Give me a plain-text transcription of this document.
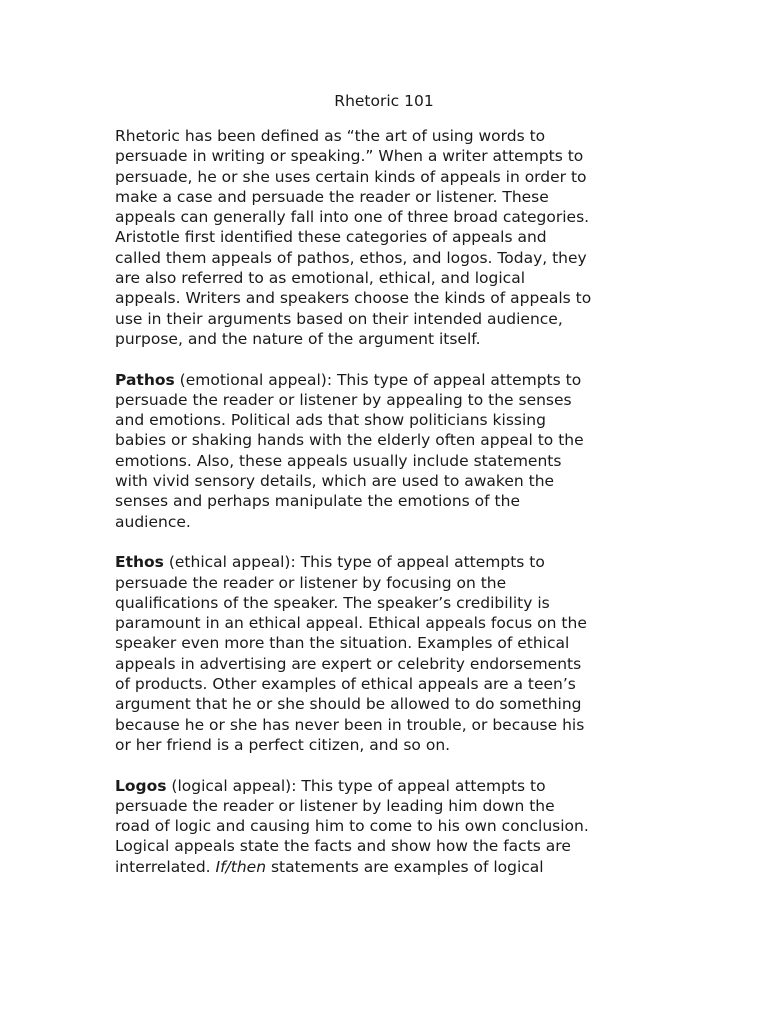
Rhetoric 101

Rhetoric has been defined as “the art of using words to
persuade in writing or speaking.” When a writer attempts to
persuade, he or she uses certain kinds of appeals in order to
make a case and persuade the reader or listener. These
appeals can generally fall into one of three broad categories.
Aristotle first identified these categories of appeals and
called them appeals of pathos, ethos, and logos. Today, they
are also referred to as emotional, ethical, and logical
appeals. Writers and speakers choose the kinds of appeals to
use in their arguments based on their intended audience,
purpose, and the nature of the argument itself.

Pathos (emotional appeal): This type of appeal attempts to
persuade the reader or listener by appealing to the senses
and emotions. Political ads that show politicians kissing
babies or shaking hands with the elderly often appeal to the
emotions. Also, these appeals usually include statements
with vivid sensory details, which are used to awaken the
senses and perhaps manipulate the emotions of the
audience.

Ethos (ethical appeal): This type of appeal attempts to
persuade the reader or listener by focusing on the
qualifications of the speaker. The speaker’s credibility is
paramount in an ethical appeal. Ethical appeals focus on the
speaker even more than the situation. Examples of ethical
appeals in advertising are expert or celebrity endorsements
of products. Other examples of ethical appeals are a teen’s
argument that he or she should be allowed to do something
because he or she has never been in trouble, or because his
or her friend is a perfect citizen, and so on.

Logos (logical appeal): This type of appeal attempts to
persuade the reader or listener by leading him down the
road of logic and causing him to come to his own conclusion.
Logical appeals state the facts and show how the facts are
interrelated. If/then statements are examples of logical
